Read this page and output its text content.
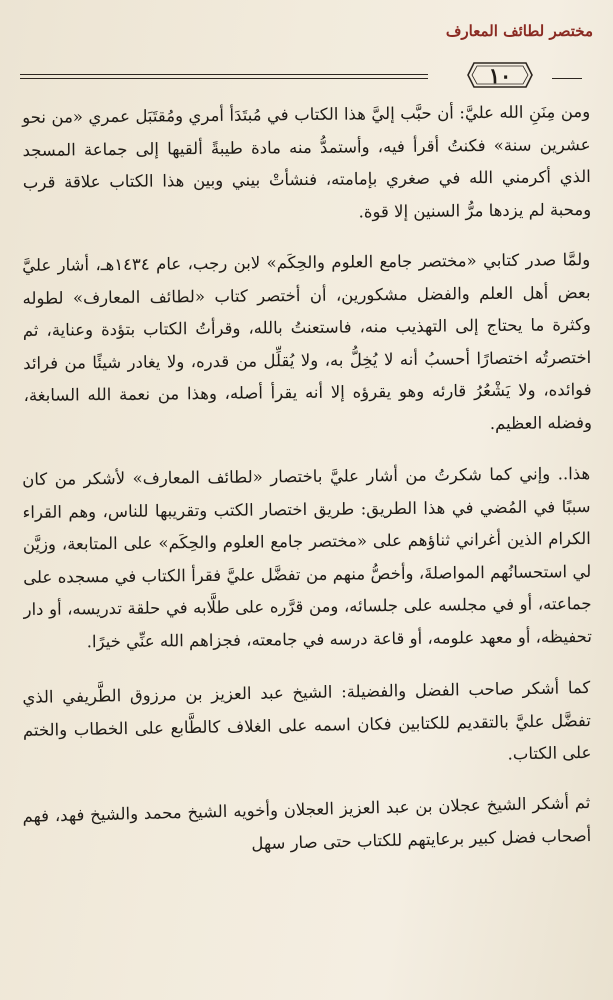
مختصر لطائف المعارف
١٠

ومن مِنَنِ الله عليَّ: أن حبَّب إليَّ هذا الكتاب في مُبتَدَأ أمري ومُقتَبَل عمري «من نحو عشرين سنة» فكنتُ أقرأ فيه، وأستمدُّ منه مادة طيبةً ألقيها إلى جماعة المسجد الذي أكرمني الله في صغري بإمامته، فنشأتْ بيني وبين هذا الكتاب علاقة قرب ومحبة لم يزدها مرُّ السنين إلا قوة.

ولمَّا صدر كتابي «مختصر جامع العلوم والحِكَم» لابن رجب، عام ١٤٣٤هـ، أشار عليَّ بعض أهل العلم والفضل مشكورين، أن أختصر كتاب «لطائف المعارف» لطوله وكثرة ما يحتاج إلى التهذيب منه، فاستعنتُ بالله، وقرأتُ الكتاب بتؤدة وعناية، ثم اختصرتُه اختصارًا أحسبُ أنه لا يُخِلُّ به، ولا يُقلِّل من قدره، ولا يغادر شيئًا من فرائد فوائده، ولا يَشْعُرُ قارئه وهو يقرؤه إلا أنه يقرأ أصله، وهذا من نعمة الله السابغة، وفضله العظيم.

هذا.. وإني كما شكرتُ من أشار عليَّ باختصار «لطائف المعارف» لأشكر من كان سببًا في المُضي في هذا الطريق: طريق اختصار الكتب وتقريبها للناس، وهم القراء الكرام الذين أغراني ثناؤهم على «مختصر جامع العلوم والحِكَم» على المتابعة، وزيَّن لي استحسانُهم المواصلةَ، وأخصُّ منهم من تفضَّل عليَّ فقرأ الكتاب في مسجده على جماعته، أو في مجلسه على جلسائه، ومن قرَّره على طلَّابه في حلقة تدريسه، أو دار تحفيظه، أو معهد علومه، أو قاعة درسه في جامعته، فجزاهم الله عنِّي خيرًا.

كما أشكر صاحب الفضل والفضيلة: الشيخ عبد العزيز بن مرزوق الطَّريفي الذي تفضَّل عليَّ بالتقديم للكتابين فكان اسمه على الغلاف كالطَّابع على الخطاب والختم على الكتاب.

ثم أشكر الشيخ عجلان بن عبد العزيز العجلان وأخويه الشيخ محمد والشيخ فهد، فهم أصحاب فضل كبير برعايتهم للكتاب حتى صار سهل
